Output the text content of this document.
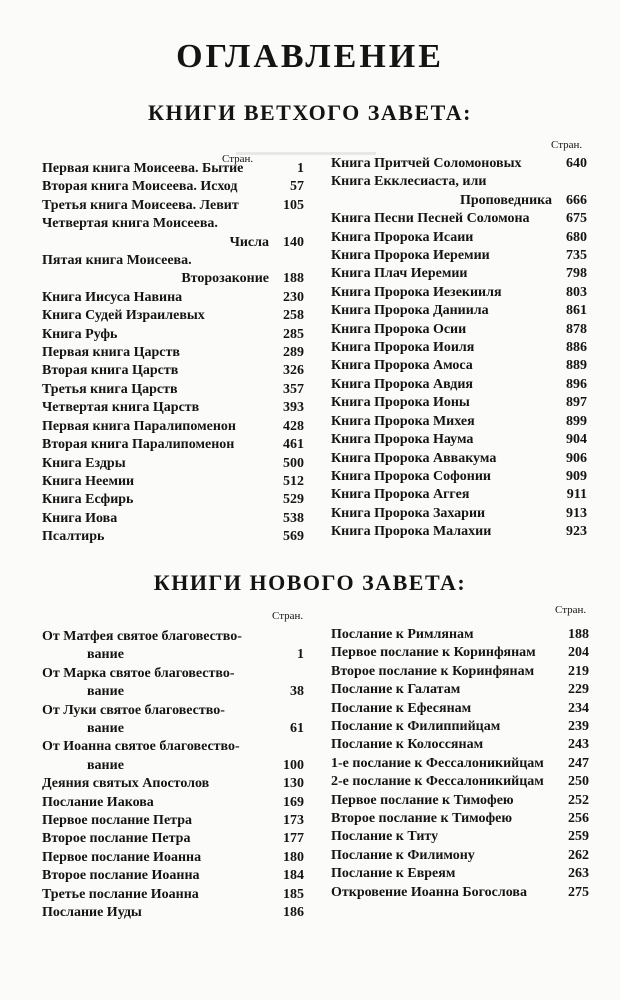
ОГЛАВЛЕНИЕ
КНИГИ ВЕТХОГО ЗАВЕТА:
Стран.
Стран.
Первая книга Моисеева. Бытие	1
Вторая книга Моисеева. Исход	57
Третья книга Моисеева. Левит	105
Четвертая книга Моисеева.
Числа	140
Пятая книга Моисеева.
Второзаконие	188
Книга Иисуса Навина	230
Книга Судей Израилевых	258
Книга Руфь	285
Первая книга Царств	289
Вторая книга Царств	326
Третья книга Царств	357
Четвертая книга Царств	393
Первая книга Паралипоменон	428
Вторая книга Паралипоменон	461
Книга Ездры	500
Книга Неемии	512
Книга Есфирь	529
Книга Иова	538
Псалтирь	569
Книга Притчей Соломоновых	640
Книга Екклесиаста, или
Проповедника	666
Книга Песни Песней Соломона	675
Книга Пророка Исаии	680
Книга Пророка Иеремии	735
Книга Плач Иеремии	798
Книга Пророка Иезекииля	803
Книга Пророка Даниила	861
Книга Пророка Осии	878
Книга Пророка Иоиля	886
Книга Пророка Амоса	889
Книга Пророка Авдия	896
Книга Пророка Ионы	897
Книга Пророка Михея	899
Книга Пророка Наума	904
Книга Пророка Аввакума	906
Книга Пророка Софонии	909
Книга Пророка Аггея	911
Книга Пророка Захарии	913
Книга Пророка Малахии	923
КНИГИ НОВОГО ЗАВЕТА:
Стран.	Стран.
От Матфея святое благовество-
вание	1
От Марка святое благовество-
вание	38
От Луки святое благовество-
вание	61
От Иоанна святое благовество-
вание	100
Деяния святых Апостолов	130
Послание Иакова	169
Первое послание Петра	173
Второе послание Петра	177
Первое послание Иоанна	180
Второе послание Иоанна	184
Третье послание Иоанна	185
Послание Иуды	186
Послание к Римлянам	188
Первое послание к Коринфянам 204
Второе послание к Коринфянам 219
Послание к Галатам	229
Послание к Ефесянам	234
Послание к Филиппийцам	239
Послание к Колоссянам	243
1-е послание к Фессалоникийцам 247
2-е послание к Фессалоникийцам 250
Первое послание к Тимофею	252
Второе послание к Тимофею	256
Послание к Титу	259
Послание к Филимону	262
Послание к Евреям	263
Откровение Иоанна Богослова	275
